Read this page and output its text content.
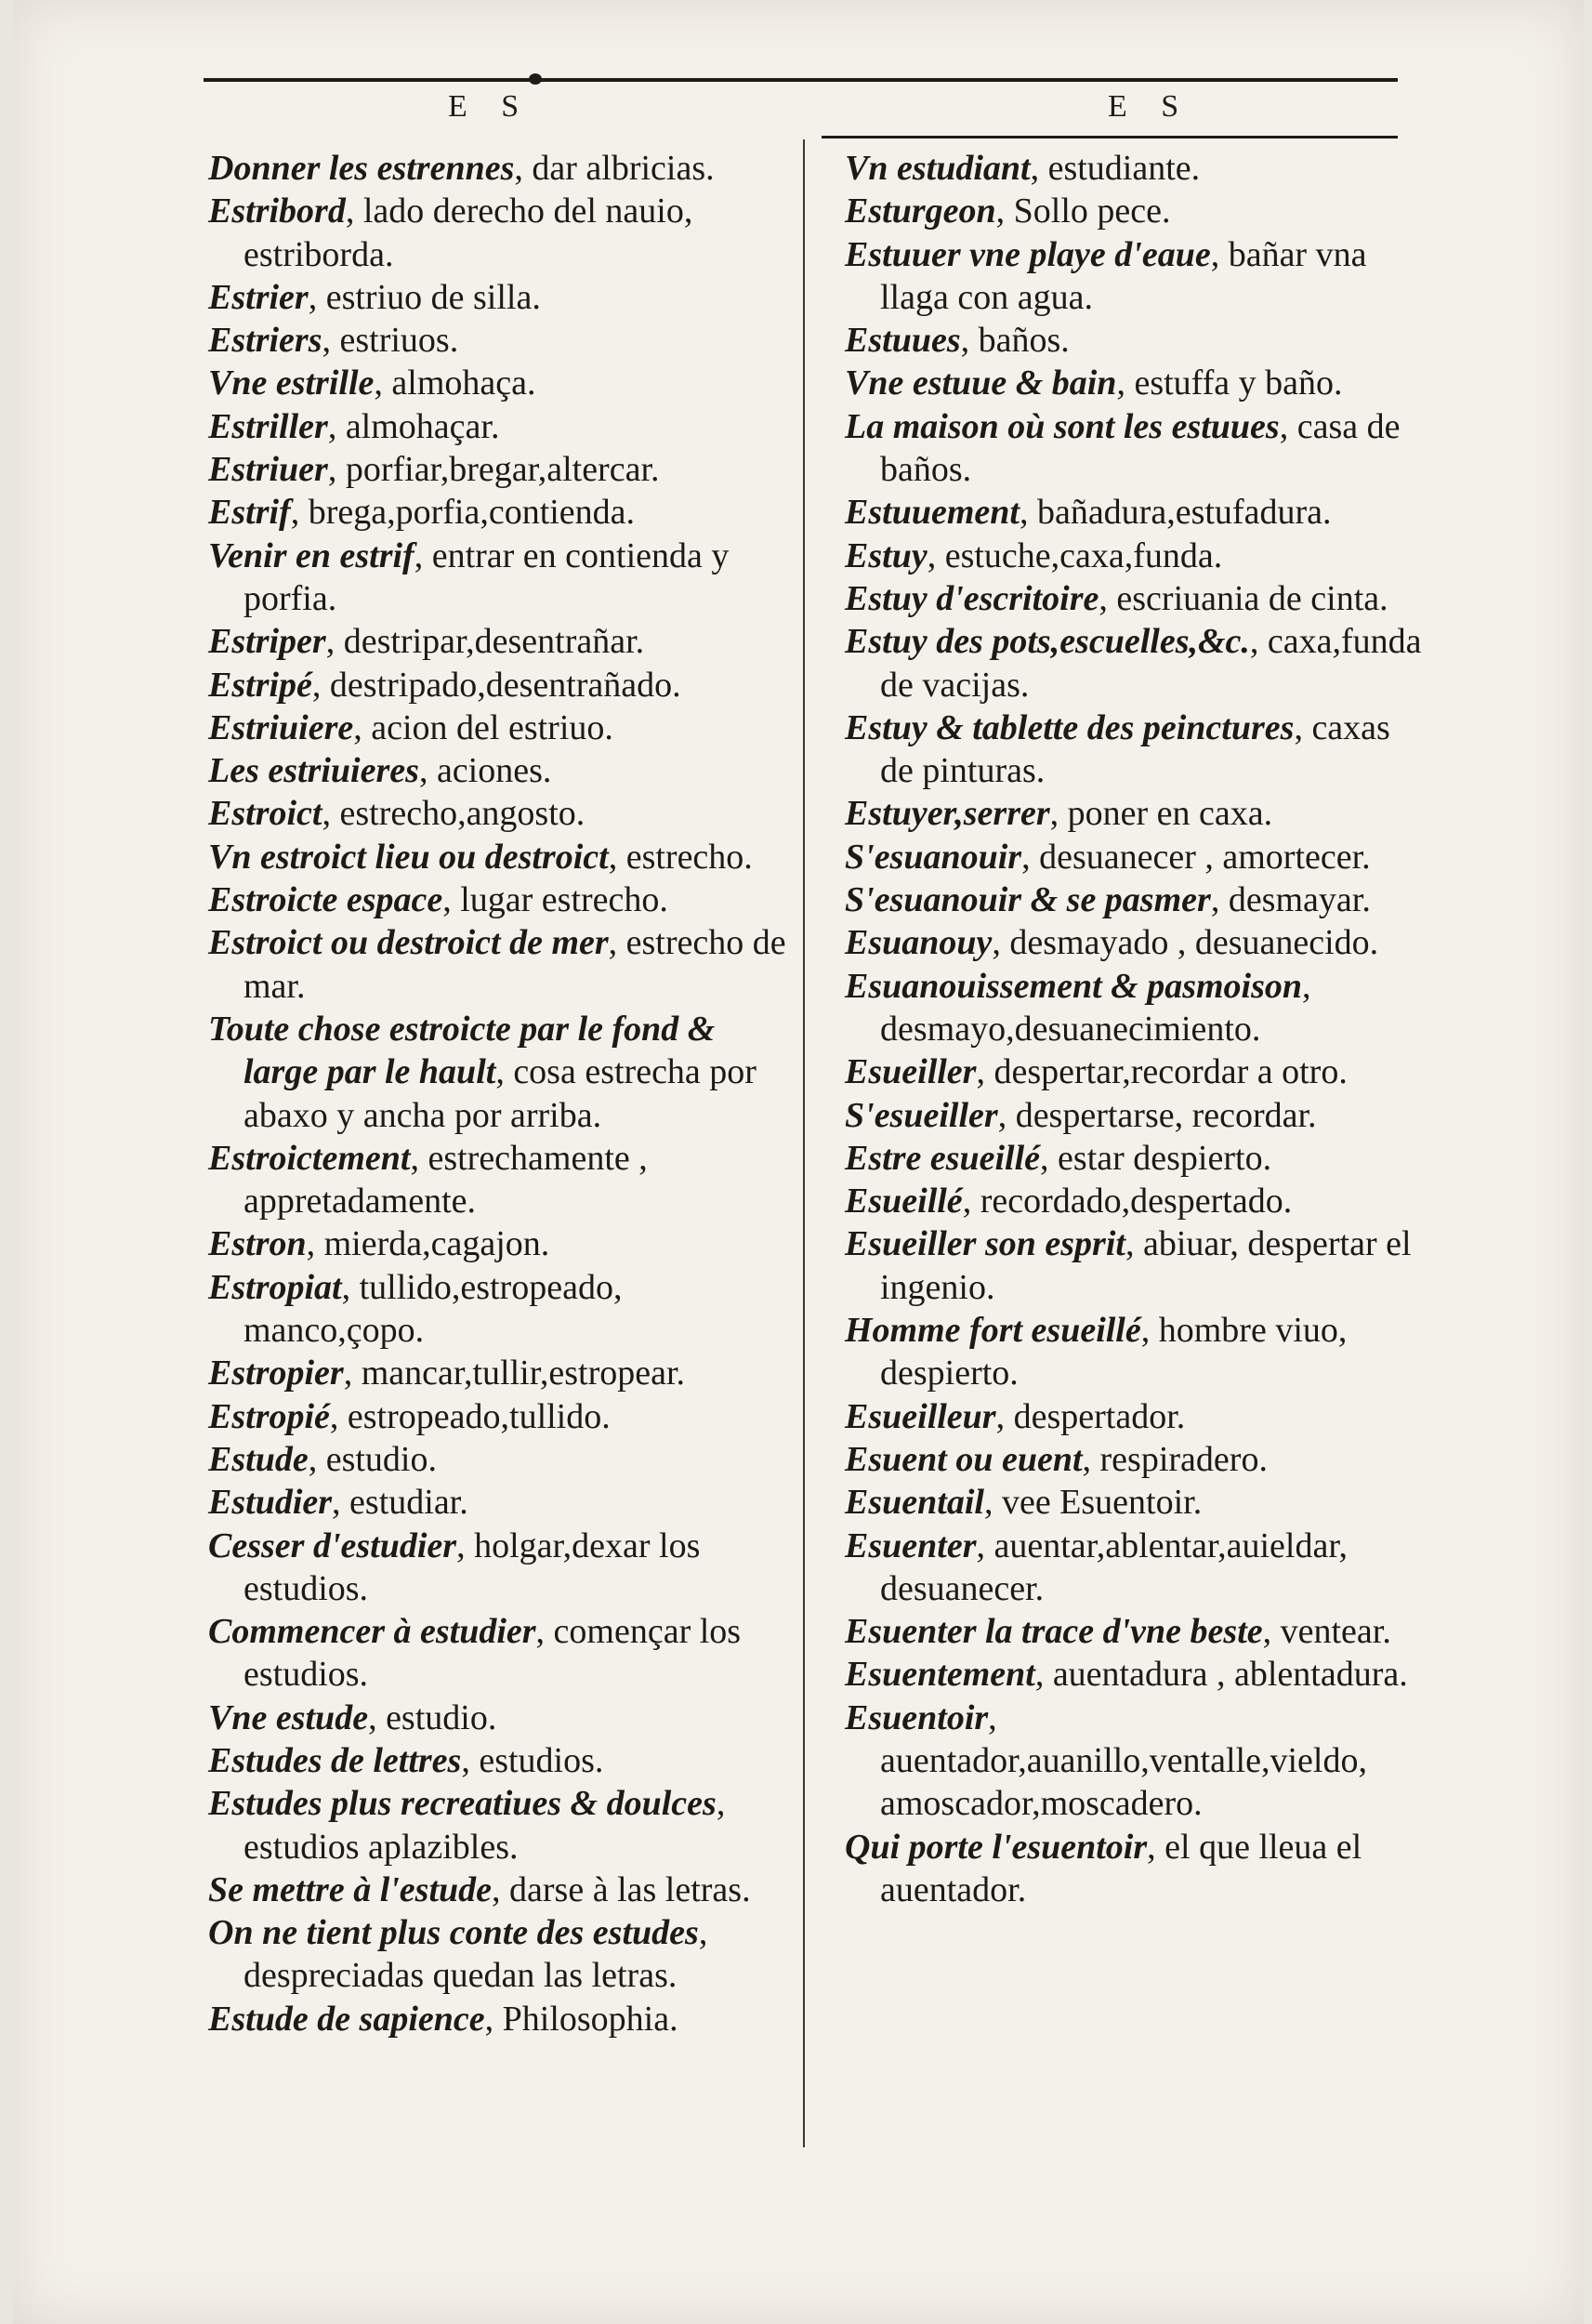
E S	E S

Donner les estrennes, dar albricias.

Estribord, lado derecho del nauio, estriborda.

Estrier, estriuo de silla.

Estriers, estriuos.

Vne estrille, almohaça.

Estriller, almohaçar.

Estriuer, porfiar,bregar,altercar.

Estrif, brega,porfia,contienda.

Venir en estrif, entrar en contienda y porfia.

Estriper, destripar,desentrañar.

Estripé, destripado,desentrañado.

Estriuiere, acion del estriuo.

Les estriuieres, aciones.

Estroict, estrecho,angosto.

Vn estroict lieu ou destroict, estrecho.

Estroicte espace, lugar estrecho.

Estroict ou destroict de mer, estrecho de mar.

Toute chose estroicte par le fond & large par le hault, cosa estrecha por abaxo y ancha por arriba.

Estroictement, estrechamente , appretadamente.

Estron, mierda,cagajon.

Estropiat, tullido,estropeado, manco,çopo.

Estropier, mancar,tullir,estropear.

Estropié, estropeado,tullido.

Estude, estudio.

Estudier, estudiar.

Cesser d'estudier, holgar,dexar los estudios.

Commencer à estudier, començar los estudios.

Vne estude, estudio.

Estudes de lettres, estudios.

Estudes plus recreatiues & doulces, estudios aplazibles.

Se mettre à l'estude, darse à las letras.

On ne tient plus conte des estudes, despreciadas quedan las letras.

Estude de sapience, Philosophia.

Vn estudiant, estudiante.

Esturgeon, Sollo pece.

Estuuer vne playe d'eaue, bañar vna llaga con agua.

Estuues, baños.

Vne estuue & bain, estuffa y baño.

La maison où sont les estuues, casa de baños.

Estuuement, bañadura,estufadura.

Estuy, estuche,caxa,funda.

Estuy d'escritoire, escriuania de cinta.

Estuy des pots,escuelles,&c., caxa,funda de vacijas.

Estuy & tablette des peinctures, caxas de pinturas.

Estuyer,serrer, poner en caxa.

S'esuanouir, desuanecer , amortecer.

S'esuanouir & se pasmer, desmayar.

Esuanouy, desmayado , desuanecido.

Esuanouissement & pasmoison, desmayo,desuanecimiento.

Esueiller, despertar,recordar a otro.

S'esueiller, despertarse, recordar.

Estre esueillé, estar despierto.

Esueillé, recordado,despertado.

Esueiller son esprit, abiuar, despertar el ingenio.

Homme fort esueillé, hombre viuo, despierto.

Esueilleur, despertador.

Esuent ou euent, respiradero.

Esuentail, vee Esuentoir.

Esuenter, auentar,ablentar,auieldar, desuanecer.

Esuenter la trace d'vne beste, ventear.

Esuentement, auentadura , ablentadura.

Esuentoir, auentador,auanillo,ventalle,vieldo, amoscador,moscadero.

Qui porte l'esuentoir, el que lleua el auentador.
